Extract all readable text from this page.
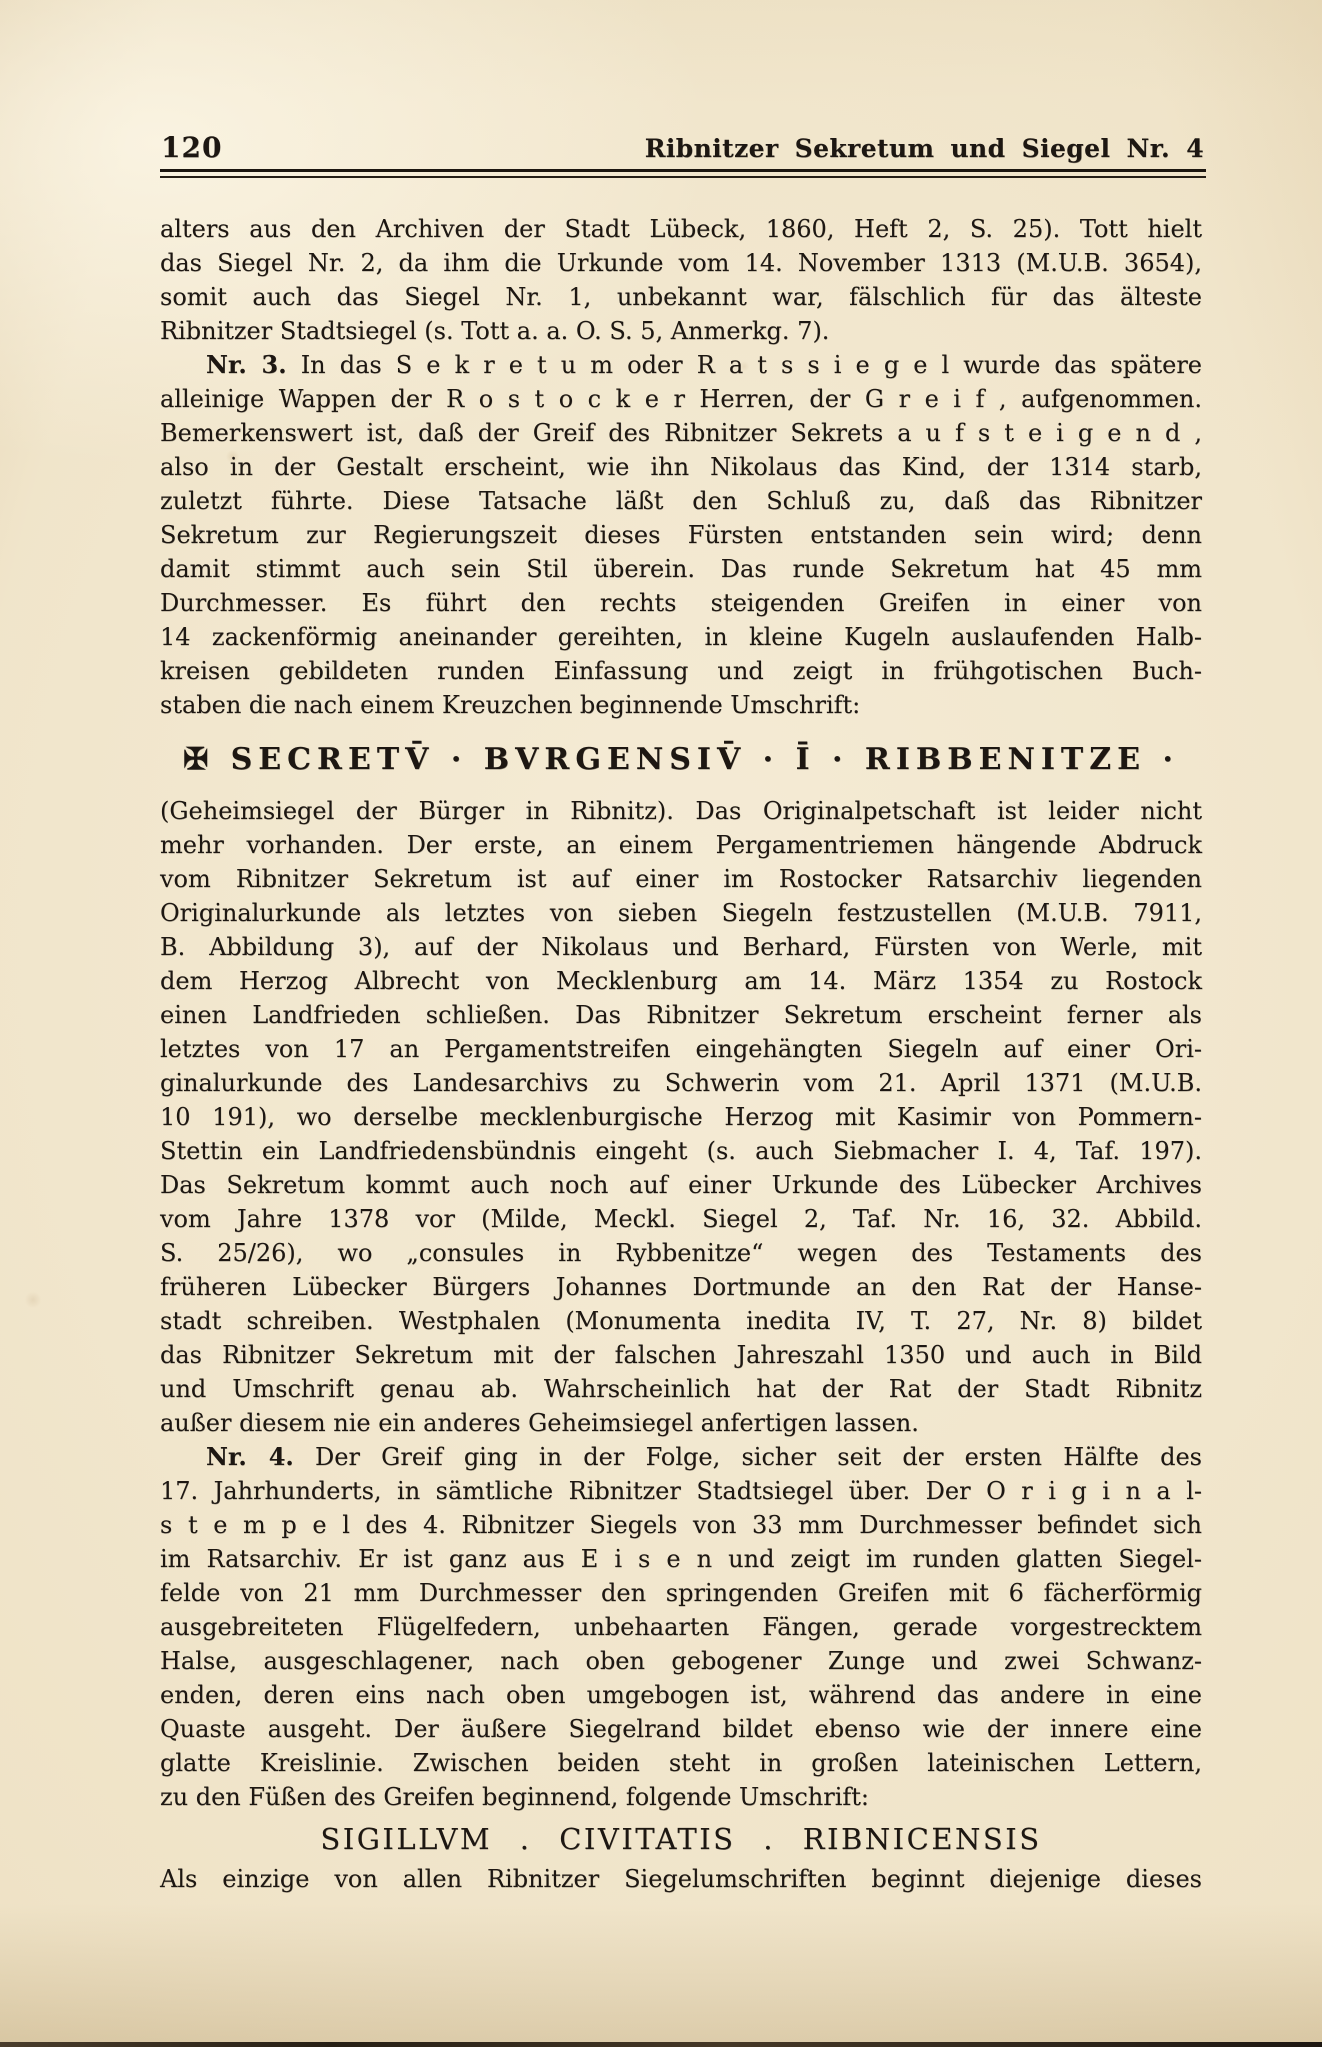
120	Ribnitzer Sekretum und Siegel Nr. 4
alters aus den Archiven der Stadt Lübeck, 1860, Heft 2, S. 25). Tott hielt
das Siegel Nr. 2, da ihm die Urkunde vom 14. November 1313 (M.U.B. 3654),
somit auch das Siegel Nr. 1, unbekannt war, fälschlich für das älteste
Ribnitzer Stadtsiegel (s. Tott a. a. O. S. 5, Anmerkg. 7).
Nr. 3. In das S e k r e t u m oder R a t s s i e g e l wurde das spätere
alleinige Wappen der R o s t o c k e r Herren, der G r e i f , aufgenommen.
Bemerkenswert ist, daß der Greif des Ribnitzer Sekrets a u f s t e i g e n d ,
also in der Gestalt erscheint, wie ihn Nikolaus das Kind, der 1314 starb,
zuletzt führte. Diese Tatsache läßt den Schluß zu, daß das Ribnitzer
Sekretum zur Regierungszeit dieses Fürsten entstanden sein wird; denn
damit stimmt auch sein Stil überein. Das runde Sekretum hat 45 mm
Durchmesser. Es führt den rechts steigenden Greifen in einer von
14 zackenförmig aneinander gereihten, in kleine Kugeln auslaufenden Halb-
kreisen gebildeten runden Einfassung und zeigt in frühgotischen Buch-
staben die nach einem Kreuzchen beginnende Umschrift:
✠ SECRETV̄ · BVRGENSIV̄ · Ī · RIBBENITZE ·
(Geheimsiegel der Bürger in Ribnitz). Das Originalpetschaft ist leider nicht
mehr vorhanden. Der erste, an einem Pergamentriemen hängende Abdruck
vom Ribnitzer Sekretum ist auf einer im Rostocker Ratsarchiv liegenden
Originalurkunde als letztes von sieben Siegeln festzustellen (M.U.B. 7911,
B. Abbildung 3), auf der Nikolaus und Berhard, Fürsten von Werle, mit
dem Herzog Albrecht von Mecklenburg am 14. März 1354 zu Rostock
einen Landfrieden schließen. Das Ribnitzer Sekretum erscheint ferner als
letztes von 17 an Pergamentstreifen eingehängten Siegeln auf einer Ori-
ginalurkunde des Landesarchivs zu Schwerin vom 21. April 1371 (M.U.B.
10 191), wo derselbe mecklenburgische Herzog mit Kasimir von Pommern-
Stettin ein Landfriedensbündnis eingeht (s. auch Siebmacher I. 4, Taf. 197).
Das Sekretum kommt auch noch auf einer Urkunde des Lübecker Archives
vom Jahre 1378 vor (Milde, Meckl. Siegel 2, Taf. Nr. 16, 32. Abbild.
S. 25/26), wo „consules in Rybbenitze“ wegen des Testaments des
früheren Lübecker Bürgers Johannes Dortmunde an den Rat der Hanse-
stadt schreiben. Westphalen (Monumenta inedita IV, T. 27, Nr. 8) bildet
das Ribnitzer Sekretum mit der falschen Jahreszahl 1350 und auch in Bild
und Umschrift genau ab. Wahrscheinlich hat der Rat der Stadt Ribnitz
außer diesem nie ein anderes Geheimsiegel anfertigen lassen.
Nr. 4. Der Greif ging in der Folge, sicher seit der ersten Hälfte des
17. Jahrhunderts, in sämtliche Ribnitzer Stadtsiegel über. Der O r i g i n a l-
s t e m p e l des 4. Ribnitzer Siegels von 33 mm Durchmesser befindet sich
im Ratsarchiv. Er ist ganz aus E i s e n und zeigt im runden glatten Siegel-
felde von 21 mm Durchmesser den springenden Greifen mit 6 fächerförmig
ausgebreiteten Flügelfedern, unbehaarten Fängen, gerade vorgestrecktem
Halse, ausgeschlagener, nach oben gebogener Zunge und zwei Schwanz-
enden, deren eins nach oben umgebogen ist, während das andere in eine
Quaste ausgeht. Der äußere Siegelrand bildet ebenso wie der innere eine
glatte Kreislinie. Zwischen beiden steht in großen lateinischen Lettern,
zu den Füßen des Greifen beginnend, folgende Umschrift:
SIGILLVM . CIVITATIS . RIBNICENSIS
Als einzige von allen Ribnitzer Siegelumschriften beginnt diejenige dieses
